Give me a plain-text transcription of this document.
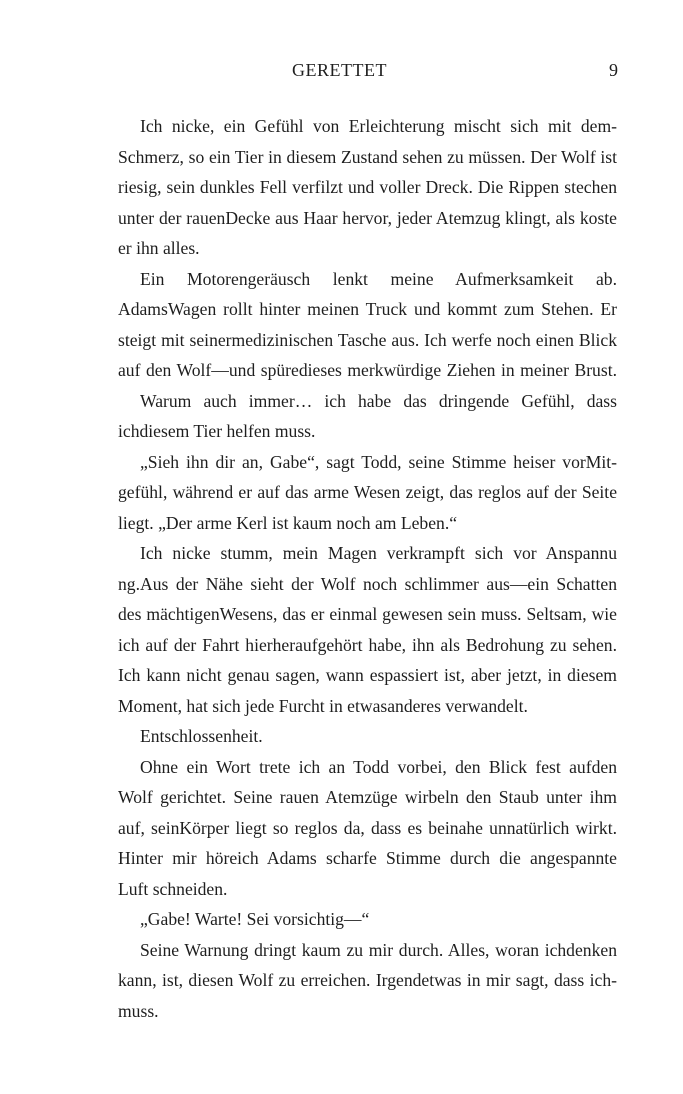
GERETTET	9
Ich nicke, ein Gefühl von Erleichterung mischt sich mit dem-
Schmerz, so ein Tier in diesem Zustand sehen zu müssen. Der Wolf ist
riesig, sein dunkles Fell verfilzt und voller Dreck. Die Rippen stechen
unter der rauenDecke aus Haar hervor, jeder Atemzug klingt, als koste
er ihn alles.
Ein Motorengeräusch lenkt meine Aufmerksamkeit ab.
AdamsWagen rollt hinter meinen Truck und kommt zum Stehen. Er
steigt mit seinermedizinischen Tasche aus. Ich werfe noch einen Blick
auf den Wolf—und spüredieses merkwürdige Ziehen in meiner Brust.
Warum auch immer… ich habe das dringende Gefühl, dass
ichdiesem Tier helfen muss.
„Sieh ihn dir an, Gabe“, sagt Todd, seine Stimme heiser vorMit-
gefühl, während er auf das arme Wesen zeigt, das reglos auf der Seite
liegt. „Der arme Kerl ist kaum noch am Leben.“
Ich nicke stumm, mein Magen verkrampft sich vor Anspannu
ng.Aus der Nähe sieht der Wolf noch schlimmer aus—ein Schatten
des mächtigenWesens, das er einmal gewesen sein muss. Seltsam, wie
ich auf der Fahrt hierheraufgehört habe, ihn als Bedrohung zu sehen.
Ich kann nicht genau sagen, wann espassiert ist, aber jetzt, in diesem
Moment, hat sich jede Furcht in etwasanderes verwandelt.
Entschlossenheit.
Ohne ein Wort trete ich an Todd vorbei, den Blick fest aufden
Wolf gerichtet. Seine rauen Atemzüge wirbeln den Staub unter ihm
auf, seinKörper liegt so reglos da, dass es beinahe unnatürlich wirkt.
Hinter mir höreich Adams scharfe Stimme durch die angespannte
Luft schneiden.
„Gabe! Warte! Sei vorsichtig—“
Seine Warnung dringt kaum zu mir durch. Alles, woran ichdenken
kann, ist, diesen Wolf zu erreichen. Irgendetwas in mir sagt, dass ich-
muss.
